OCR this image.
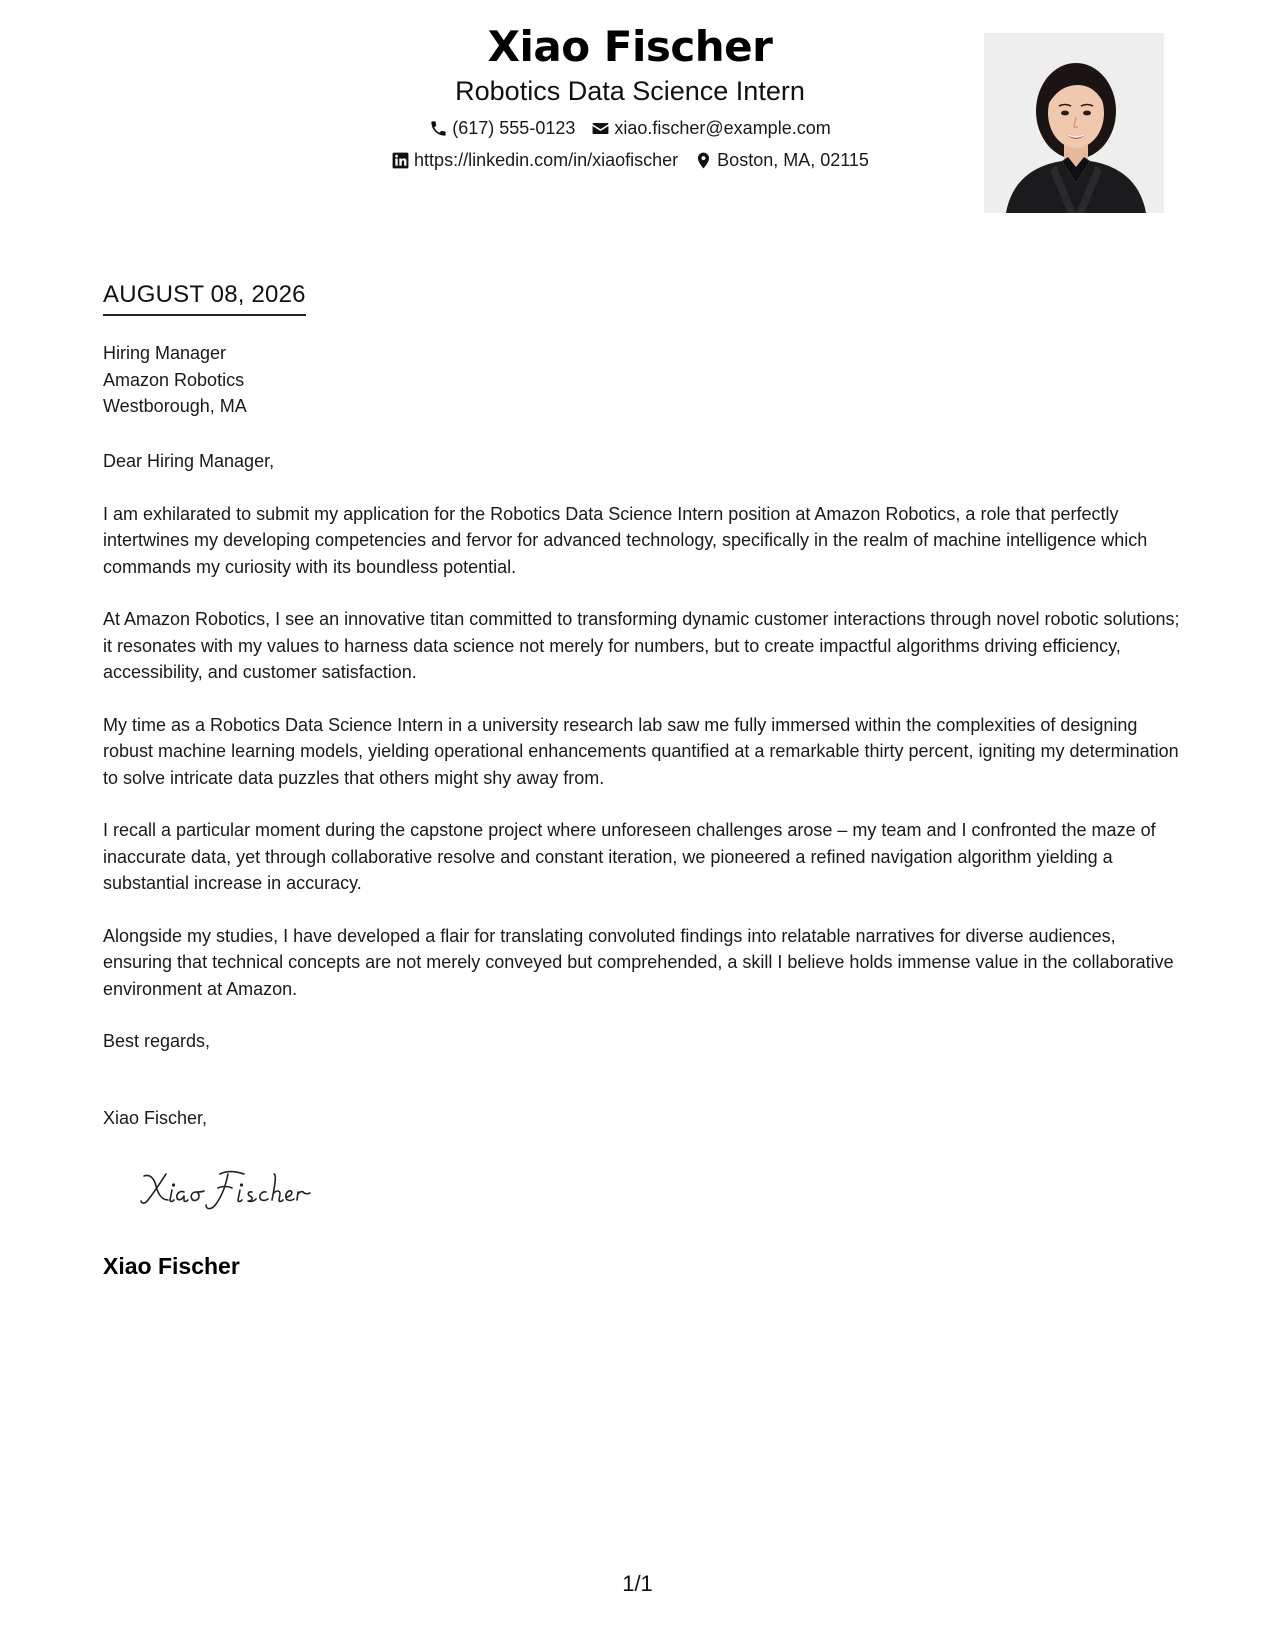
Xiao Fischer
Robotics Data Science Intern
(617) 555-0123 xiao.fischer@example.com
https://linkedin.com/in/xiaofischer Boston, MA, 02115
AUGUST 08, 2026
Hiring Manager
Amazon Robotics
Westborough, MA

Dear Hiring Manager,

I am exhilarated to submit my application for the Robotics Data Science Intern position at Amazon Robotics, a role that perfectly intertwines my developing competencies and fervor for advanced technology, specifically in the realm of machine intelligence which commands my curiosity with its boundless potential.

At Amazon Robotics, I see an innovative titan committed to transforming dynamic customer interactions through novel robotic solutions; it resonates with my values to harness data science not merely for numbers, but to create impactful algorithms driving efficiency, accessibility, and customer satisfaction.

My time as a Robotics Data Science Intern in a university research lab saw me fully immersed within the complexities of designing robust machine learning models, yielding operational enhancements quantified at a remarkable thirty percent, igniting my determination to solve intricate data puzzles that others might shy away from.

I recall a particular moment during the capstone project where unforeseen challenges arose – my team and I confronted the maze of inaccurate data, yet through collaborative resolve and constant iteration, we pioneered a refined navigation algorithm yielding a substantial increase in accuracy.

Alongside my studies, I have developed a flair for translating convoluted findings into relatable narratives for diverse audiences, ensuring that technical concepts are not merely conveyed but comprehended, a skill I believe holds immense value in the collaborative environment at Amazon.

Best regards,

Xiao Fischer,

Xiao Fischer
1/1
